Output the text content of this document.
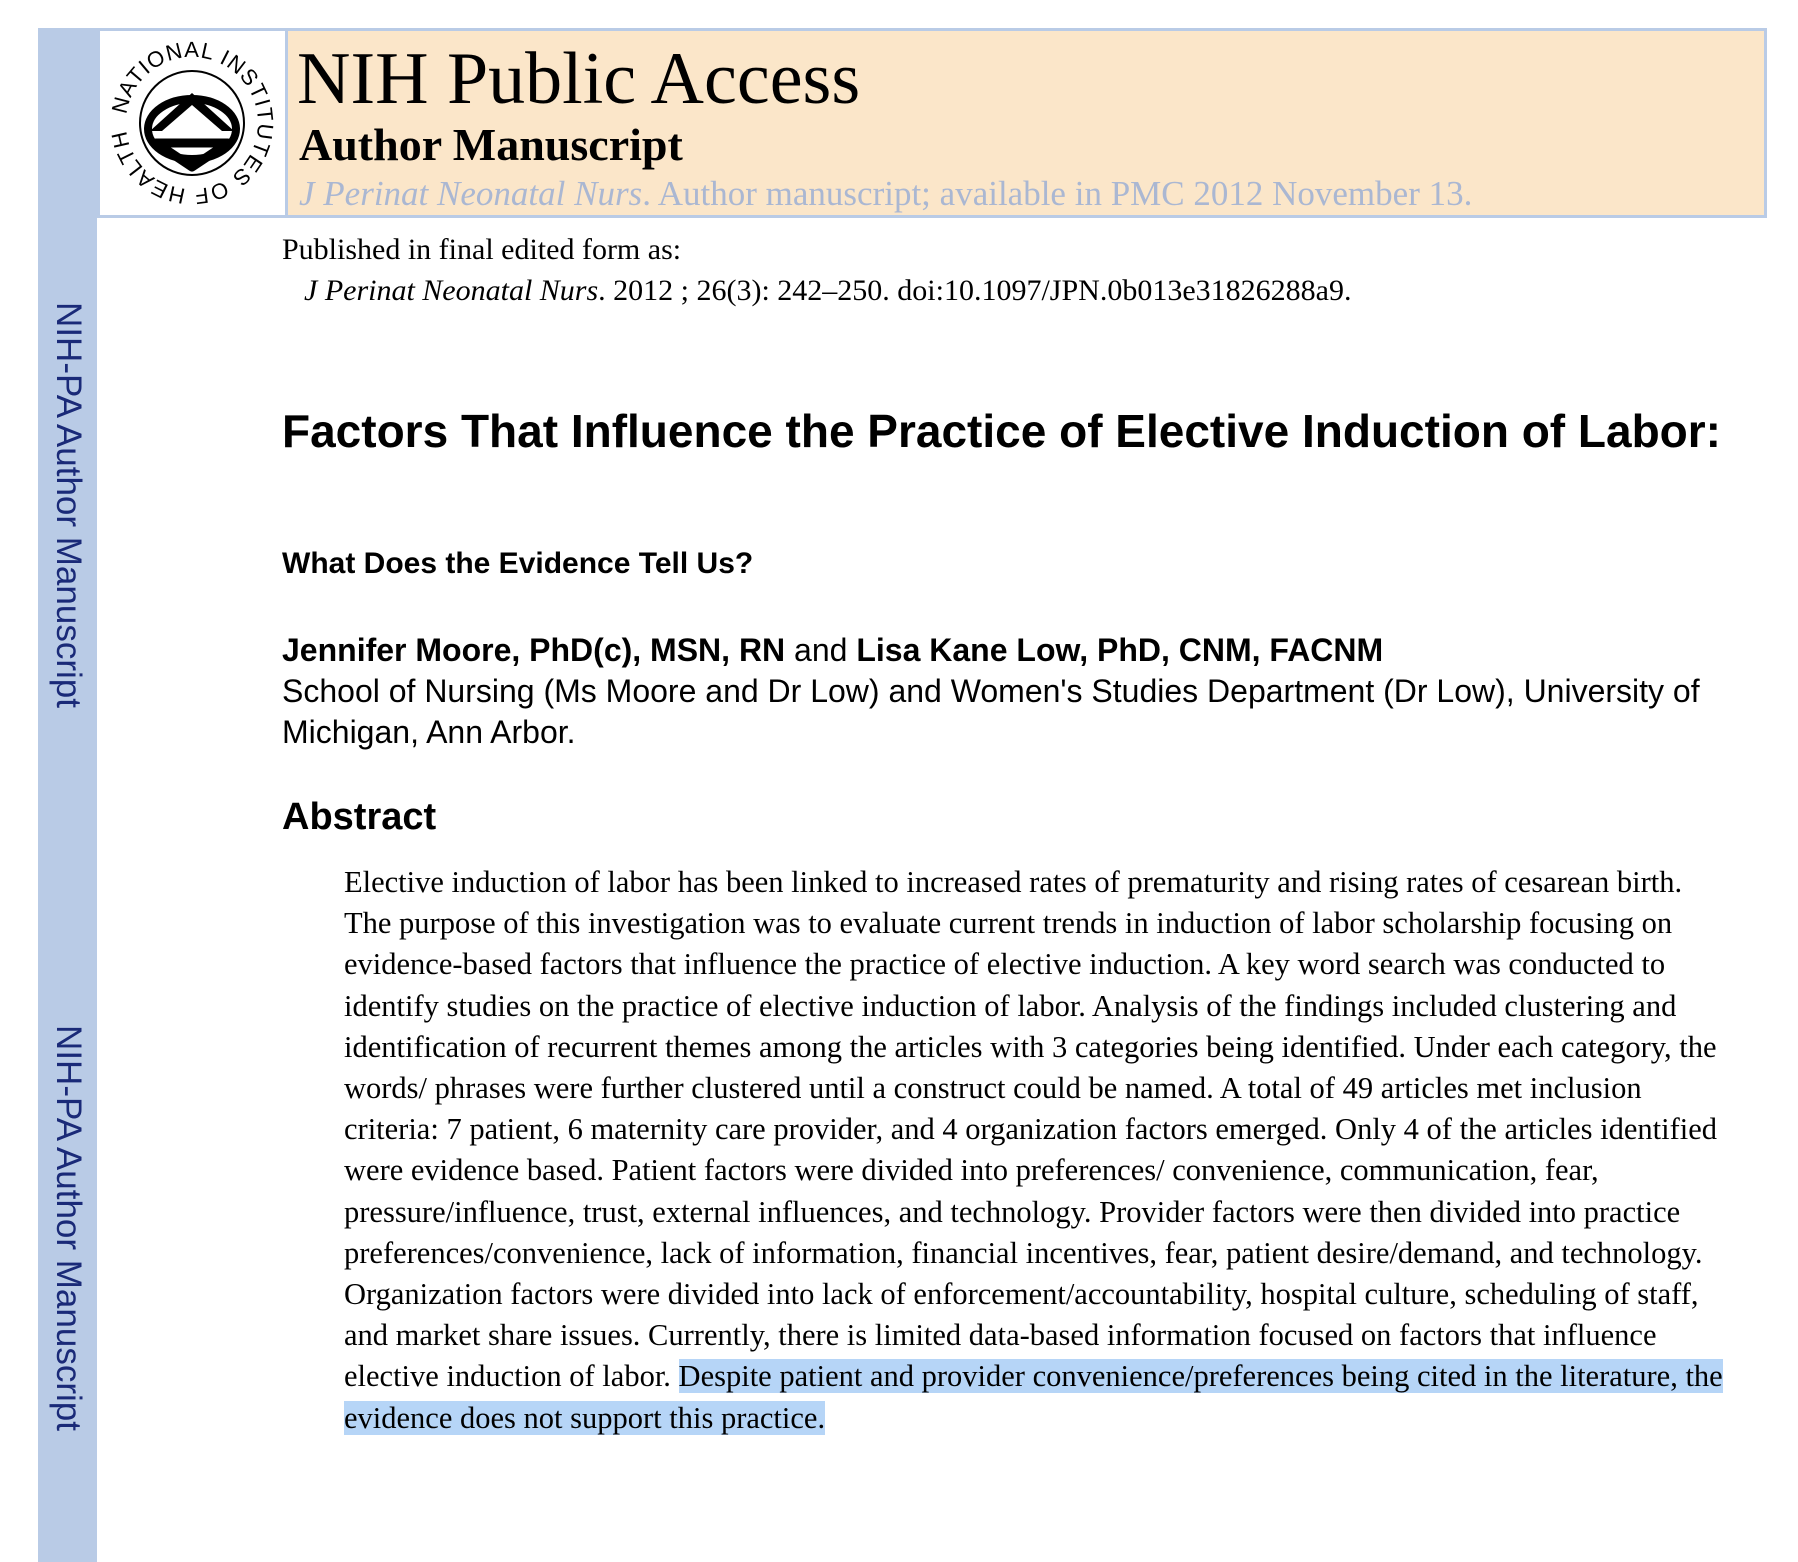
NIH-PA Author Manuscript
NIH-PA Author Manuscript
NATIONAL INSTITUTES OF HEALTH
NIH Public Access
Author Manuscript
J Perinat Neonatal Nurs. Author manuscript; available in PMC 2012 November 13.
Published in final edited form as:
J Perinat Neonatal Nurs. 2012 ; 26(3): 242–250. doi:10.1097/JPN.0b013e31826288a9.
Factors That Influence the Practice of Elective Induction of Labor:
What Does the Evidence Tell Us?
Jennifer Moore, PhD(c), MSN, RN and Lisa Kane Low, PhD, CNM, FACNM
School of Nursing (Ms Moore and Dr Low) and Women's Studies Department (Dr Low), University of Michigan, Ann Arbor.
Abstract
Elective induction of labor has been linked to increased rates of prematurity and rising rates of cesarean birth. The purpose of this investigation was to evaluate current trends in induction of labor scholarship focusing on evidence-based factors that influence the practice of elective induction. A key word search was conducted to identify studies on the practice of elective induction of labor. Analysis of the findings included clustering and identification of recurrent themes among the articles with 3 categories being identified. Under each category, the words/ phrases were further clustered until a construct could be named. A total of 49 articles met inclusion criteria: 7 patient, 6 maternity care provider, and 4 organization factors emerged. Only 4 of the articles identified were evidence based. Patient factors were divided into preferences/ convenience, communication, fear, pressure/influence, trust, external influences, and technology. Provider factors were then divided into practice preferences/convenience, lack of information, financial incentives, fear, patient desire/demand, and technology. Organization factors were divided into lack of enforcement/accountability, hospital culture, scheduling of staff, and market share issues. Currently, there is limited data-based information focused on factors that influence elective induction of labor. Despite patient and provider convenience/preferences being cited in the literature, the evidence does not support this practice.
